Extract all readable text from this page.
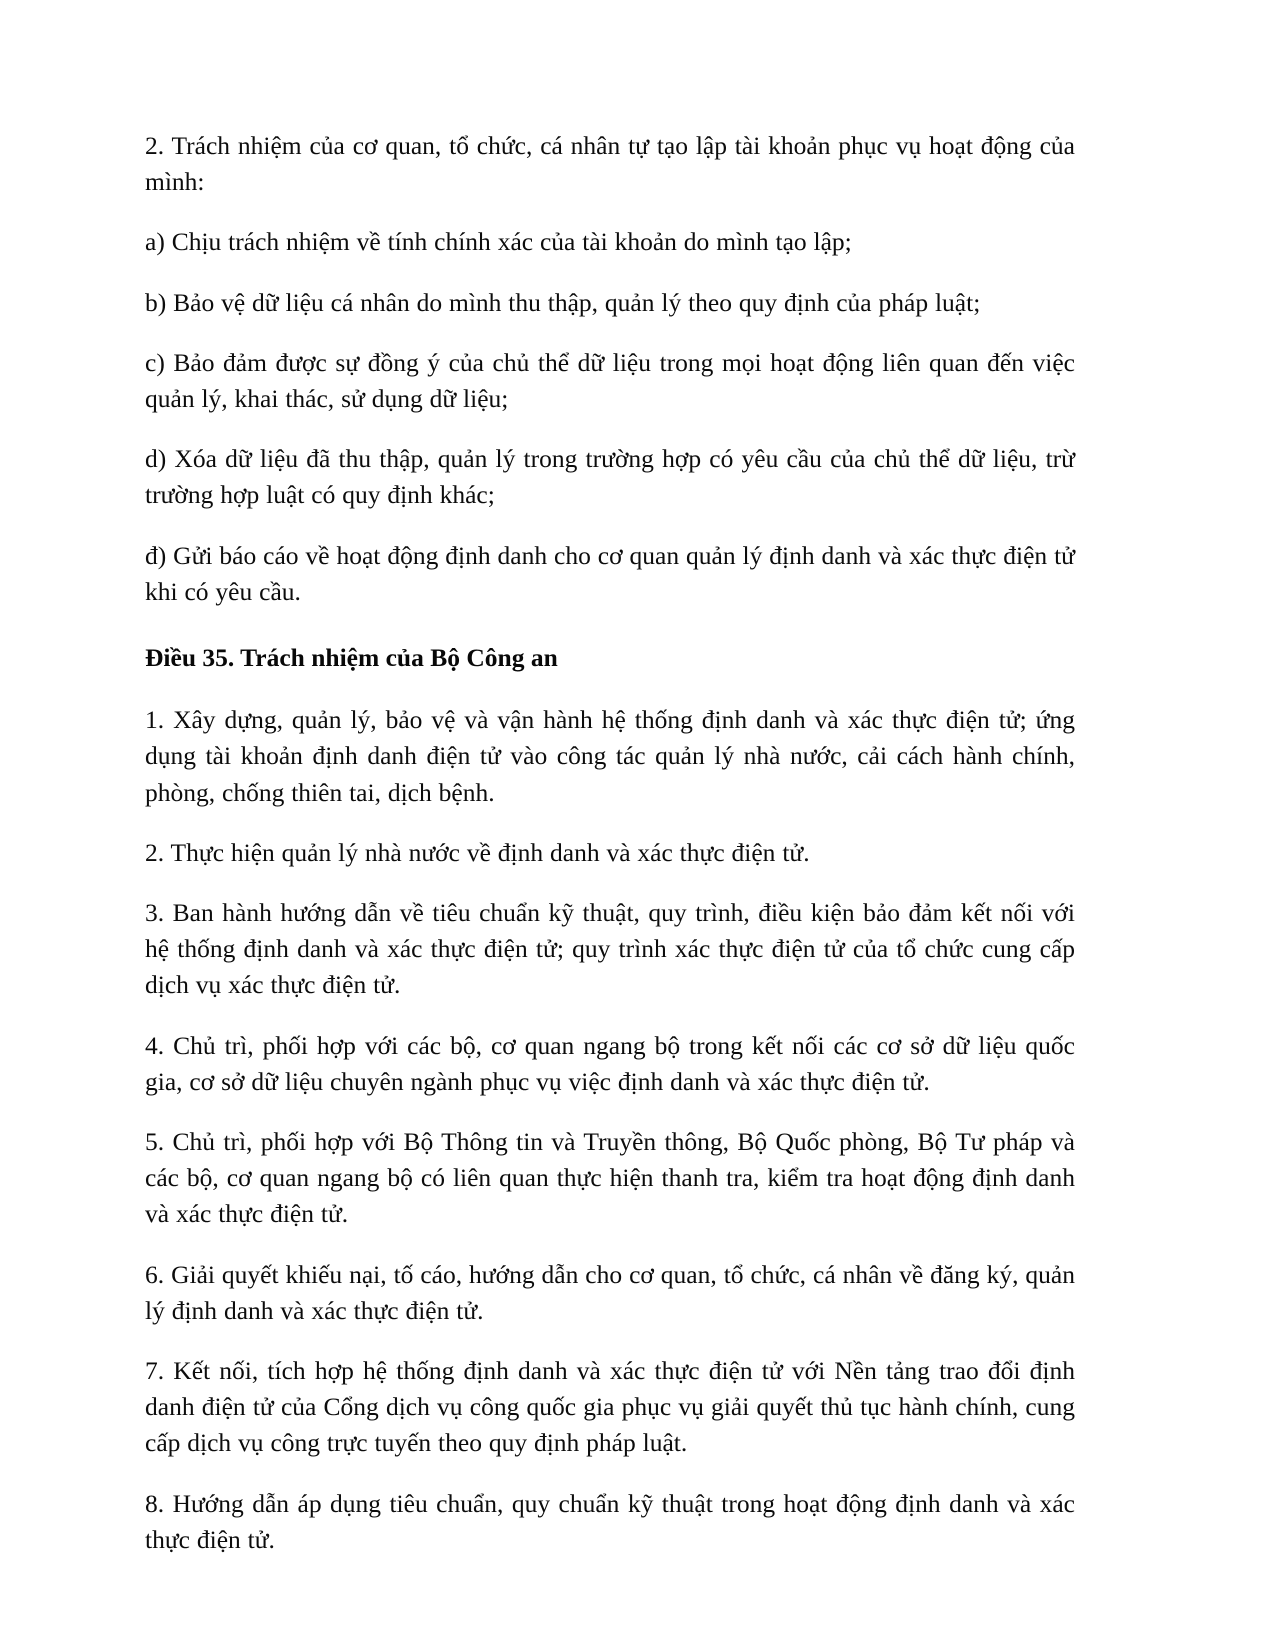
2. Trách nhiệm của cơ quan, tổ chức, cá nhân tự tạo lập tài khoản phục vụ hoạt động của mình:

a) Chịu trách nhiệm về tính chính xác của tài khoản do mình tạo lập;

b) Bảo vệ dữ liệu cá nhân do mình thu thập, quản lý theo quy định của pháp luật;

c) Bảo đảm được sự đồng ý của chủ thể dữ liệu trong mọi hoạt động liên quan đến việc quản lý, khai thác, sử dụng dữ liệu;

d) Xóa dữ liệu đã thu thập, quản lý trong trường hợp có yêu cầu của chủ thể dữ liệu, trừ trường hợp luật có quy định khác;

đ) Gửi báo cáo về hoạt động định danh cho cơ quan quản lý định danh và xác thực điện tử khi có yêu cầu.

Điều 35. Trách nhiệm của Bộ Công an

1. Xây dựng, quản lý, bảo vệ và vận hành hệ thống định danh và xác thực điện tử; ứng dụng tài khoản định danh điện tử vào công tác quản lý nhà nước, cải cách hành chính, phòng, chống thiên tai, dịch bệnh.

2. Thực hiện quản lý nhà nước về định danh và xác thực điện tử.

3. Ban hành hướng dẫn về tiêu chuẩn kỹ thuật, quy trình, điều kiện bảo đảm kết nối với hệ thống định danh và xác thực điện tử; quy trình xác thực điện tử của tổ chức cung cấp dịch vụ xác thực điện tử.

4. Chủ trì, phối hợp với các bộ, cơ quan ngang bộ trong kết nối các cơ sở dữ liệu quốc gia, cơ sở dữ liệu chuyên ngành phục vụ việc định danh và xác thực điện tử.

5. Chủ trì, phối hợp với Bộ Thông tin và Truyền thông, Bộ Quốc phòng, Bộ Tư pháp và các bộ, cơ quan ngang bộ có liên quan thực hiện thanh tra, kiểm tra hoạt động định danh và xác thực điện tử.

6. Giải quyết khiếu nại, tố cáo, hướng dẫn cho cơ quan, tổ chức, cá nhân về đăng ký, quản lý định danh và xác thực điện tử.

7. Kết nối, tích hợp hệ thống định danh và xác thực điện tử với Nền tảng trao đổi định danh điện tử của Cổng dịch vụ công quốc gia phục vụ giải quyết thủ tục hành chính, cung cấp dịch vụ công trực tuyến theo quy định pháp luật.

8. Hướng dẫn áp dụng tiêu chuẩn, quy chuẩn kỹ thuật trong hoạt động định danh và xác thực điện tử.
